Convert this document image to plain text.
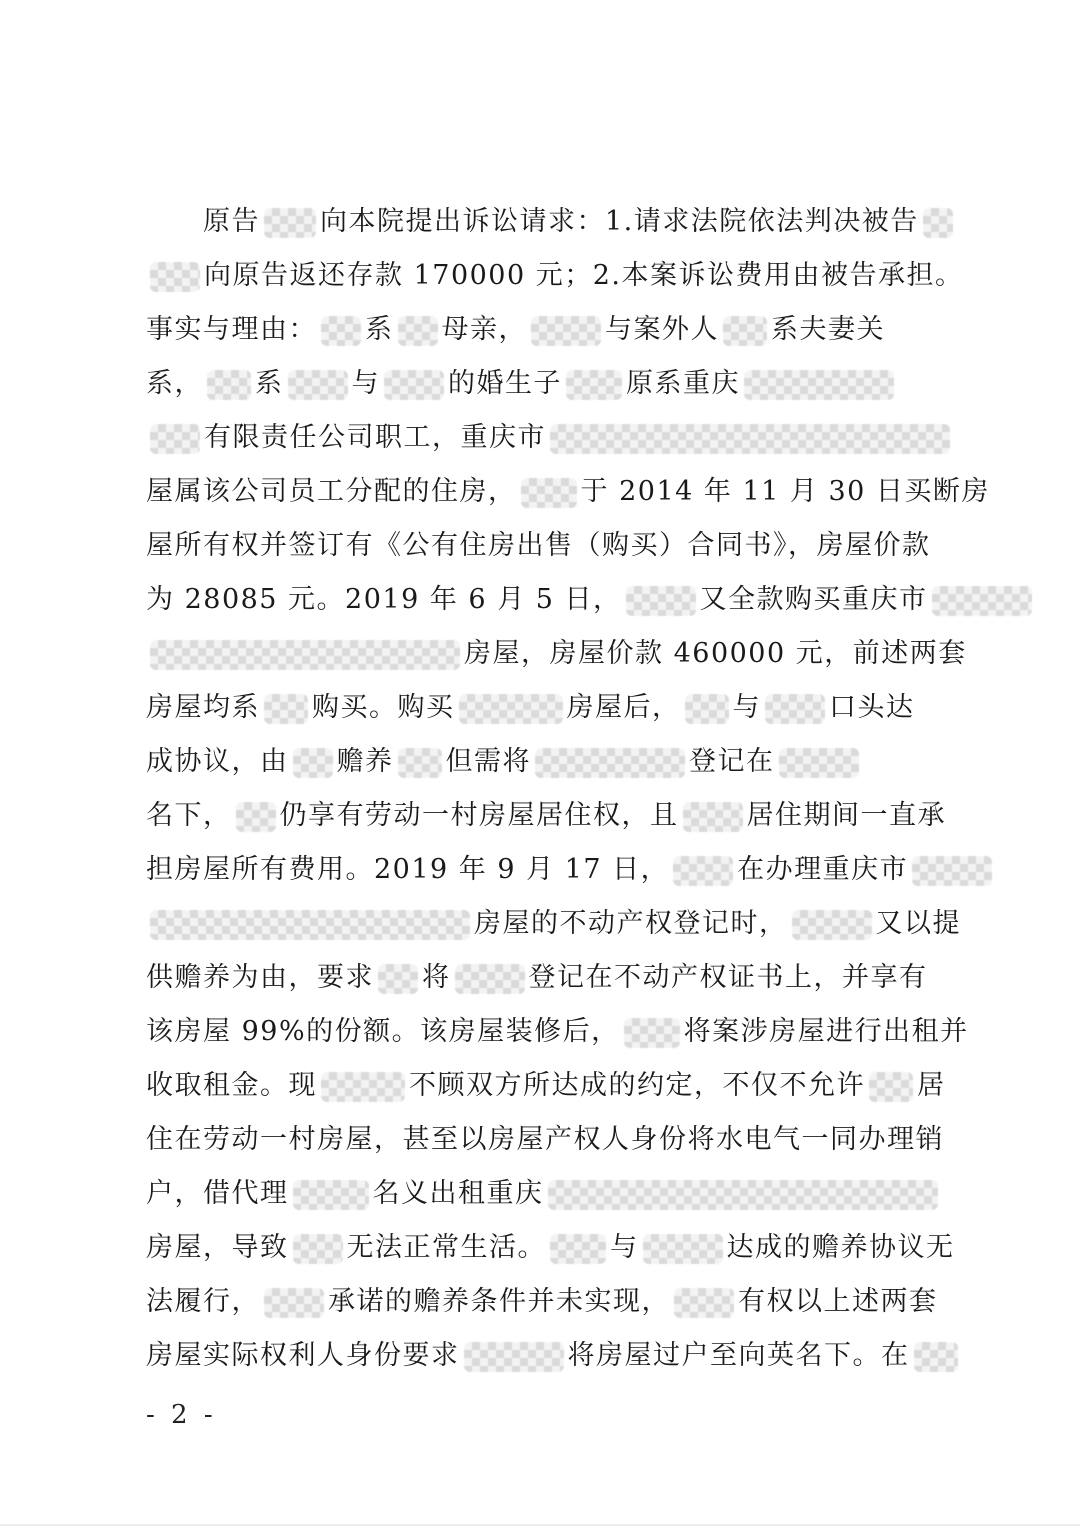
原告 向本院提出诉讼请求：1.请求法院依法判决被告
向原告返还存款 170000 元；2.本案诉讼费用由被告承担。
事实与理由： 系 母亲，	与案外人 系夫妻关
系， 系	与	的婚生子 原系重庆
有限责任公司职工，重庆市
屋属该公司员工分配的住房， 于 2014 年 11 月 30 日买断房
屋所有权并签订有《公有住房出售（购买）合同书》，房屋价款
为 28085 元。2019 年 6 月 5 日，	又全款购买重庆市
房屋，房屋价款 460000 元，前述两套
房屋均系 购买。购买	房屋后， 与	口头达
成协议，由 赡养 但需将	登记在
名下， 仍享有劳动一村房屋居住权，且	居住期间一直承
担房屋所有费用。2019 年 9 月 17 日，	在办理重庆市
房屋的不动产权登记时，	又以提
供赡养为由，要求 将	登记在不动产权证书上，并享有
该房屋 99%的份额。该房屋装修后， 将案涉房屋进行出租并
收取租金。现	不顾双方所达成的约定，不仅不允许 居
住在劳动一村房屋，甚至以房屋产权人身份将水电气一同办理销
户，借代理	名义出租重庆
房屋，导致 无法正常生活。 与	达成的赡养协议无
法履行，	承诺的赡养条件并未实现，	有权以上述两套
房屋实际权利人身份要求	将房屋过户至向英名下。在
- 2 -
